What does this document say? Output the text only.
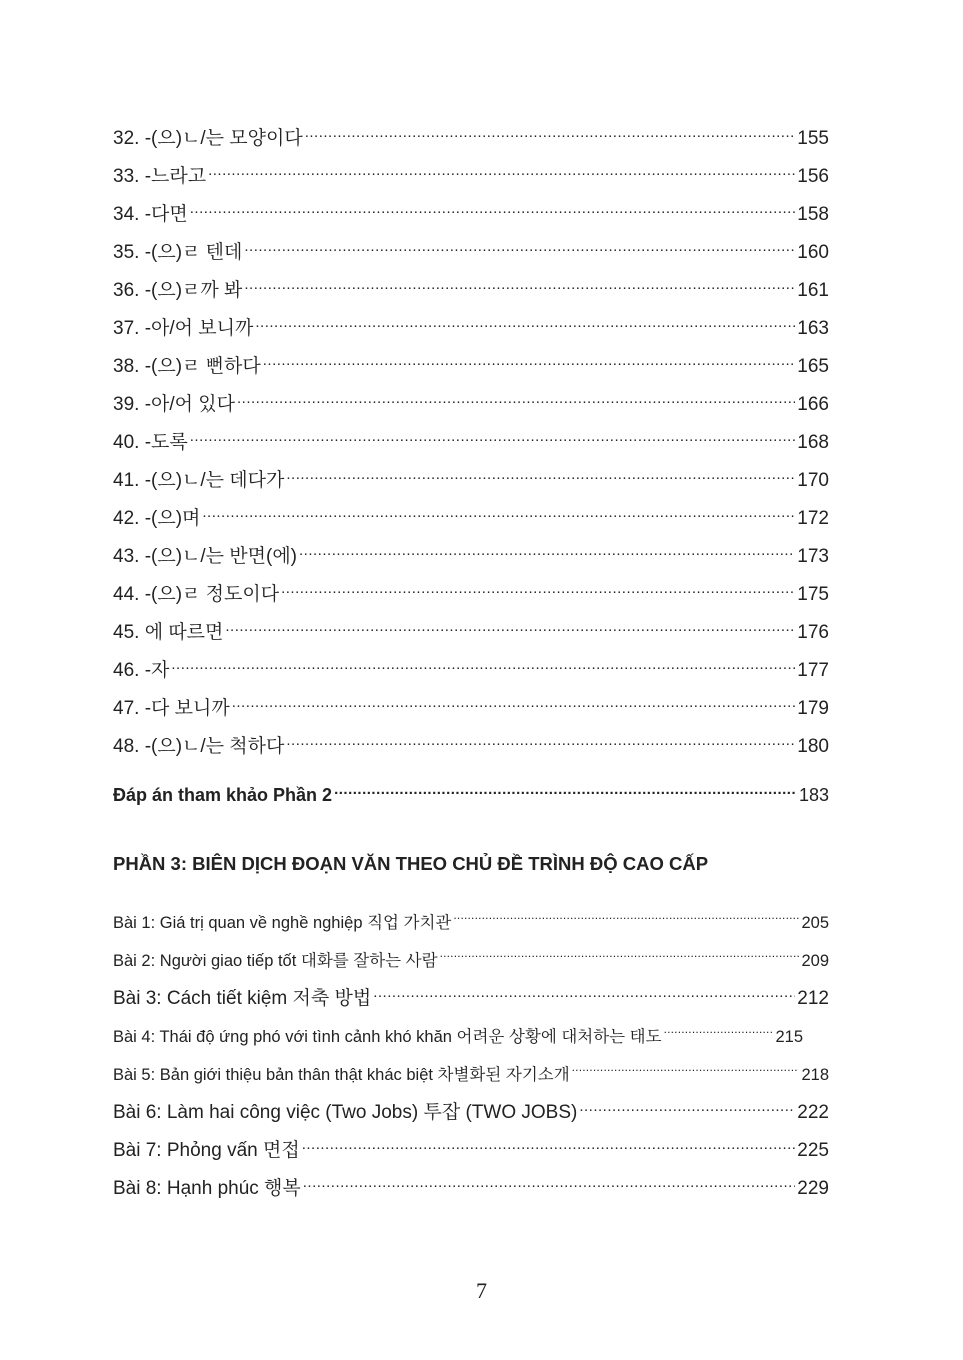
32. -(으)ㄴ/는 모양이다 .....	155
33. -느라고 .....	156
34. -다면 .....	158
35. -(으)ㄹ 텐데 .....	160
36. -(으)ㄹ까 봐 .....	161
37. -아/어 보니까 .....	163
38. -(으)ㄹ 뻔하다 .....	165
39. -아/어 있다 .....	166
40. -도록 .....	168
41. -(으)ㄴ/는 데다가 .....	170
42. -(으)며 .....	172
43. -(으)ㄴ/는 반면(에) .....	173
44. -(으)ㄹ 정도이다 .....	175
45. 에 따르면 .....	176
46. -자 .....	177
47. -다 보니까 .....	179
48. -(으)ㄴ/는 척하다 .....	180
Đáp án tham khảo Phần 2 .....	183
Bài 1: Giá trị quan về nghề nghiệp 직업 가치관 .....	205
Bài 2: Người giao tiếp tốt 대화를 잘하는 사람 .....	209
Bài 3: Cách tiết kiệm 저축 방법 .....	212
Bài 4: Thái độ ứng phó với tình cảnh khó khăn 어려운 상황에 대처하는 태도 .....	215
Bài 5: Bản giới thiệu bản thân thật khác biệt 차별화된 자기소개 .....	218
Bài 6: Làm hai công việc (Two Jobs) 투잡 (TWO JOBS) .....	222
Bài 7: Phỏng vấn 면접 .....	225
Bài 8: Hạnh phúc 행복 .....	229
PHẦN 3: BIÊN DỊCH ĐOẠN VĂN THEO CHỦ ĐỀ TRÌNH ĐỘ CAO CẤP
7
